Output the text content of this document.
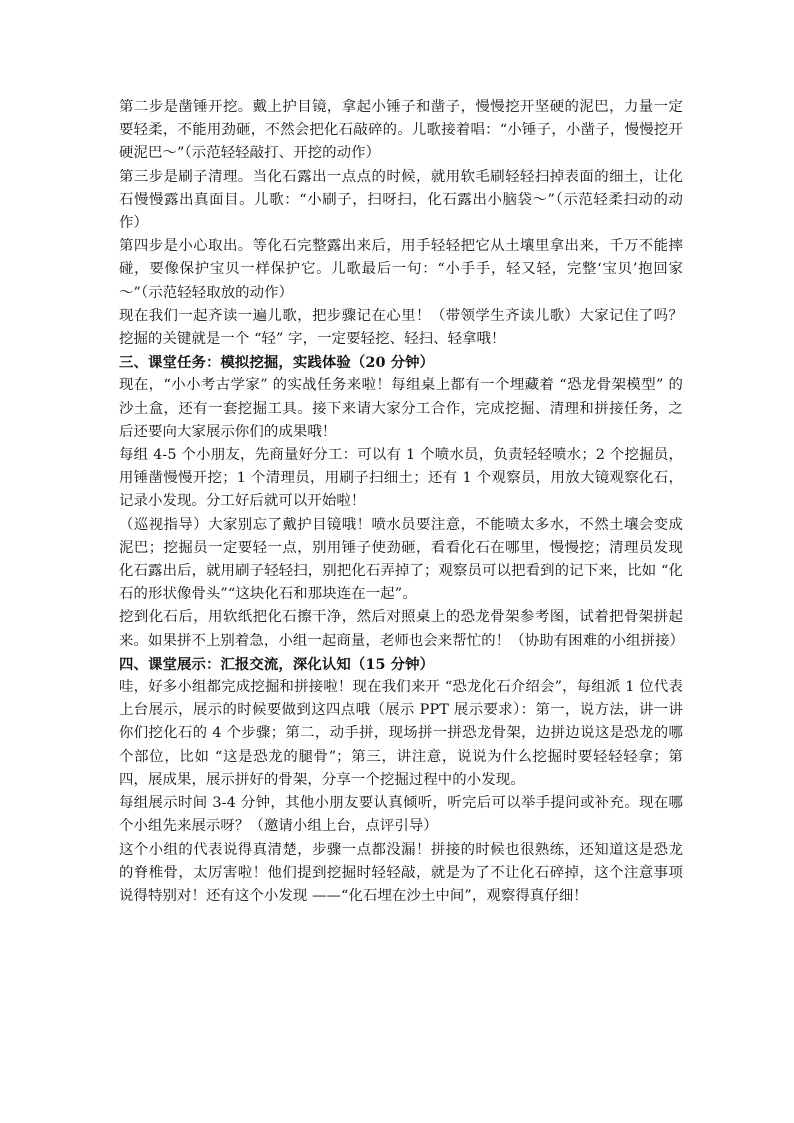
第二步是凿锤开挖。戴上护目镜，拿起小锤子和凿子，慢慢挖开坚硬的泥巴，力量一定要轻柔，不能用劲砸，不然会把化石敲碎的。儿歌接着唱：“小锤子，小凿子，慢慢挖开硬泥巴～”（示范轻轻敲打、开挖的动作）

第三步是刷子清理。当化石露出一点点的时候，就用软毛刷轻轻扫掉表面的细土，让化石慢慢露出真面目。儿歌：“小刷子，扫呀扫，化石露出小脑袋～”（示范轻柔扫动的动作）

第四步是小心取出。等化石完整露出来后，用手轻轻把它从土壤里拿出来，千万不能摔碰，要像保护宝贝一样保护它。儿歌最后一句：“小手手，轻又轻，完整‘宝贝’抱回家～”（示范轻轻取放的动作）

现在我们一起齐读一遍儿歌，把步骤记在心里！（带领学生齐读儿歌）大家记住了吗？挖掘的关键就是一个 “轻” 字，一定要轻挖、轻扫、轻拿哦！

三、课堂任务：模拟挖掘，实践体验（20 分钟）

现在，“小小考古学家” 的实战任务来啦！每组桌上都有一个埋藏着 “恐龙骨架模型” 的沙土盒，还有一套挖掘工具。接下来请大家分工合作，完成挖掘、清理和拼接任务，之后还要向大家展示你们的成果哦！

每组 4-5 个小朋友，先商量好分工：可以有 1 个喷水员，负责轻轻喷水；2 个挖掘员，用锤凿慢慢开挖；1 个清理员，用刷子扫细土；还有 1 个观察员，用放大镜观察化石，记录小发现。分工好后就可以开始啦！

（巡视指导）大家别忘了戴护目镜哦！喷水员要注意，不能喷太多水，不然土壤会变成泥巴；挖掘员一定要轻一点，别用锤子使劲砸，看看化石在哪里，慢慢挖；清理员发现化石露出后，就用刷子轻轻扫，别把化石弄掉了；观察员可以把看到的记下来，比如 “化石的形状像骨头”“这块化石和那块连在一起”。

挖到化石后，用软纸把化石擦干净，然后对照桌上的恐龙骨架参考图，试着把骨架拼起来。如果拼不上别着急，小组一起商量，老师也会来帮忙的！（协助有困难的小组拼接）

四、课堂展示：汇报交流，深化认知（15 分钟）

哇，好多小组都完成挖掘和拼接啦！现在我们来开 “恐龙化石介绍会”，每组派 1 位代表上台展示，展示的时候要做到这四点哦（展示 PPT 展示要求）：第一，说方法，讲一讲你们挖化石的 4 个步骤；第二，动手拼，现场拼一拼恐龙骨架，边拼边说这是恐龙的哪个部位，比如 “这是恐龙的腿骨”；第三，讲注意，说说为什么挖掘时要轻轻轻拿；第四，展成果，展示拼好的骨架，分享一个挖掘过程中的小发现。

每组展示时间 3-4 分钟，其他小朋友要认真倾听，听完后可以举手提问或补充。现在哪个小组先来展示呀？（邀请小组上台，点评引导）

这个小组的代表说得真清楚，步骤一点都没漏！拼接的时候也很熟练，还知道这是恐龙的脊椎骨，太厉害啦！他们提到挖掘时轻轻敲，就是为了不让化石碎掉，这个注意事项说得特别对！还有这个小发现 ——“化石埋在沙土中间”，观察得真仔细！
